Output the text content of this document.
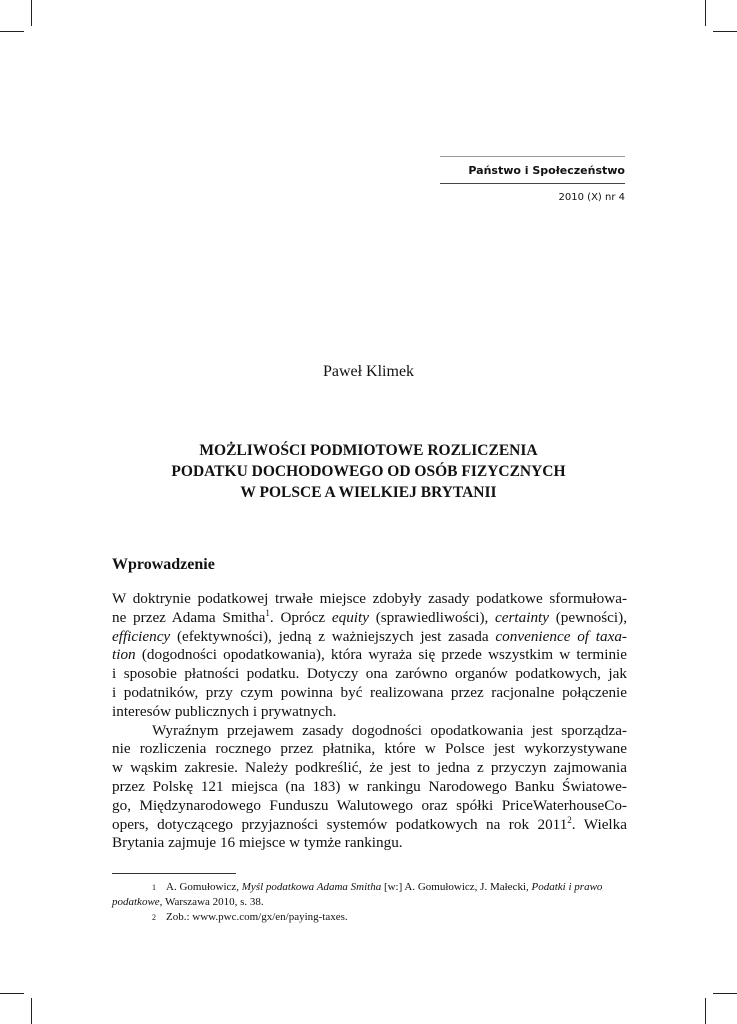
Państwo i Społeczeństwo
2010 (X) nr 4
Paweł Klimek
MOŻLIWOŚCI PODMIOTOWE ROZLICZENIA
PODATKU DOCHODOWEGO OD OSÓB FIZYCZNYCH
W POLSCE A WIELKIEJ BRYTANII
Wprowadzenie
W doktrynie podatkowej trwałe miejsce zdobyły zasady podatkowe sformułowa-
ne przez Adama Smitha$^1$. Oprócz equity (sprawiedliwości), certainty (pewności),
efficiency (efektywności), jedną z ważniejszych jest zasada convenience of taxa-
tion (dogodności opodatkowania), która wyraża się przede wszystkim w terminie
i sposobie płatności podatku. Dotyczy ona zarówno organów podatkowych, jak
i podatników, przy czym powinna być realizowana przez racjonalne połączenie
interesów publicznych i prywatnych.
Wyraźnym przejawem zasady dogodności opodatkowania jest sporządza-
nie rozliczenia rocznego przez płatnika, które w Polsce jest wykorzystywane
w wąskim zakresie. Należy podkreślić, że jest to jedna z przyczyn zajmowania
przez Polskę 121 miejsca (na 183) w rankingu Narodowego Banku Światowe-
go, Międzynarodowego Funduszu Walutowego oraz spółki PriceWaterhouseCo-
opers, dotyczącego przyjazności systemów podatkowych na rok 2011$^2$. Wielka
Brytania zajmuje 16 miejsce w tymże rankingu.
1 A. Gomułowicz, Myśl podatkowa Adama Smitha [w:] A. Gomułowicz, J. Małecki, Podatki i prawo
podatkowe, Warszawa 2010, s. 38.
2 Zob.: www.pwc.com/gx/en/paying-taxes.
